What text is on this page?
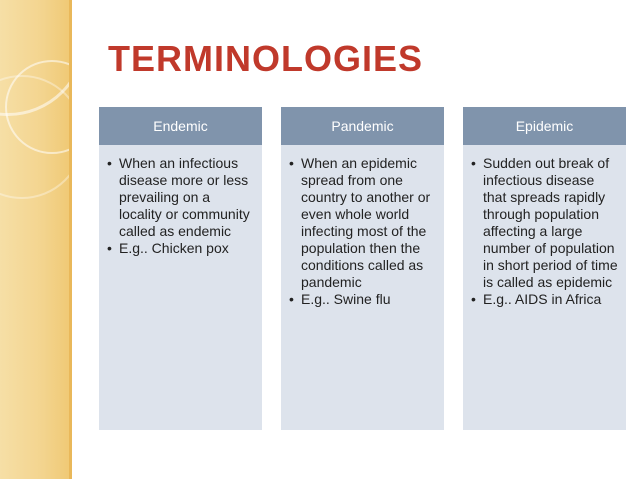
TERMINOLOGIES
Endemic

• When an infectious disease more or less prevailing on a locality or community called as endemic

• E.g.. Chicken pox

Pandemic

• When an epidemic spread from one country to another or even whole world infecting most of the population then the conditions called as pandemic

• E.g.. Swine flu

Epidemic

• Sudden out break of infectious disease that spreads rapidly through population affecting a large number of population in short period of time is called as epidemic

• E.g.. AIDS in Africa
